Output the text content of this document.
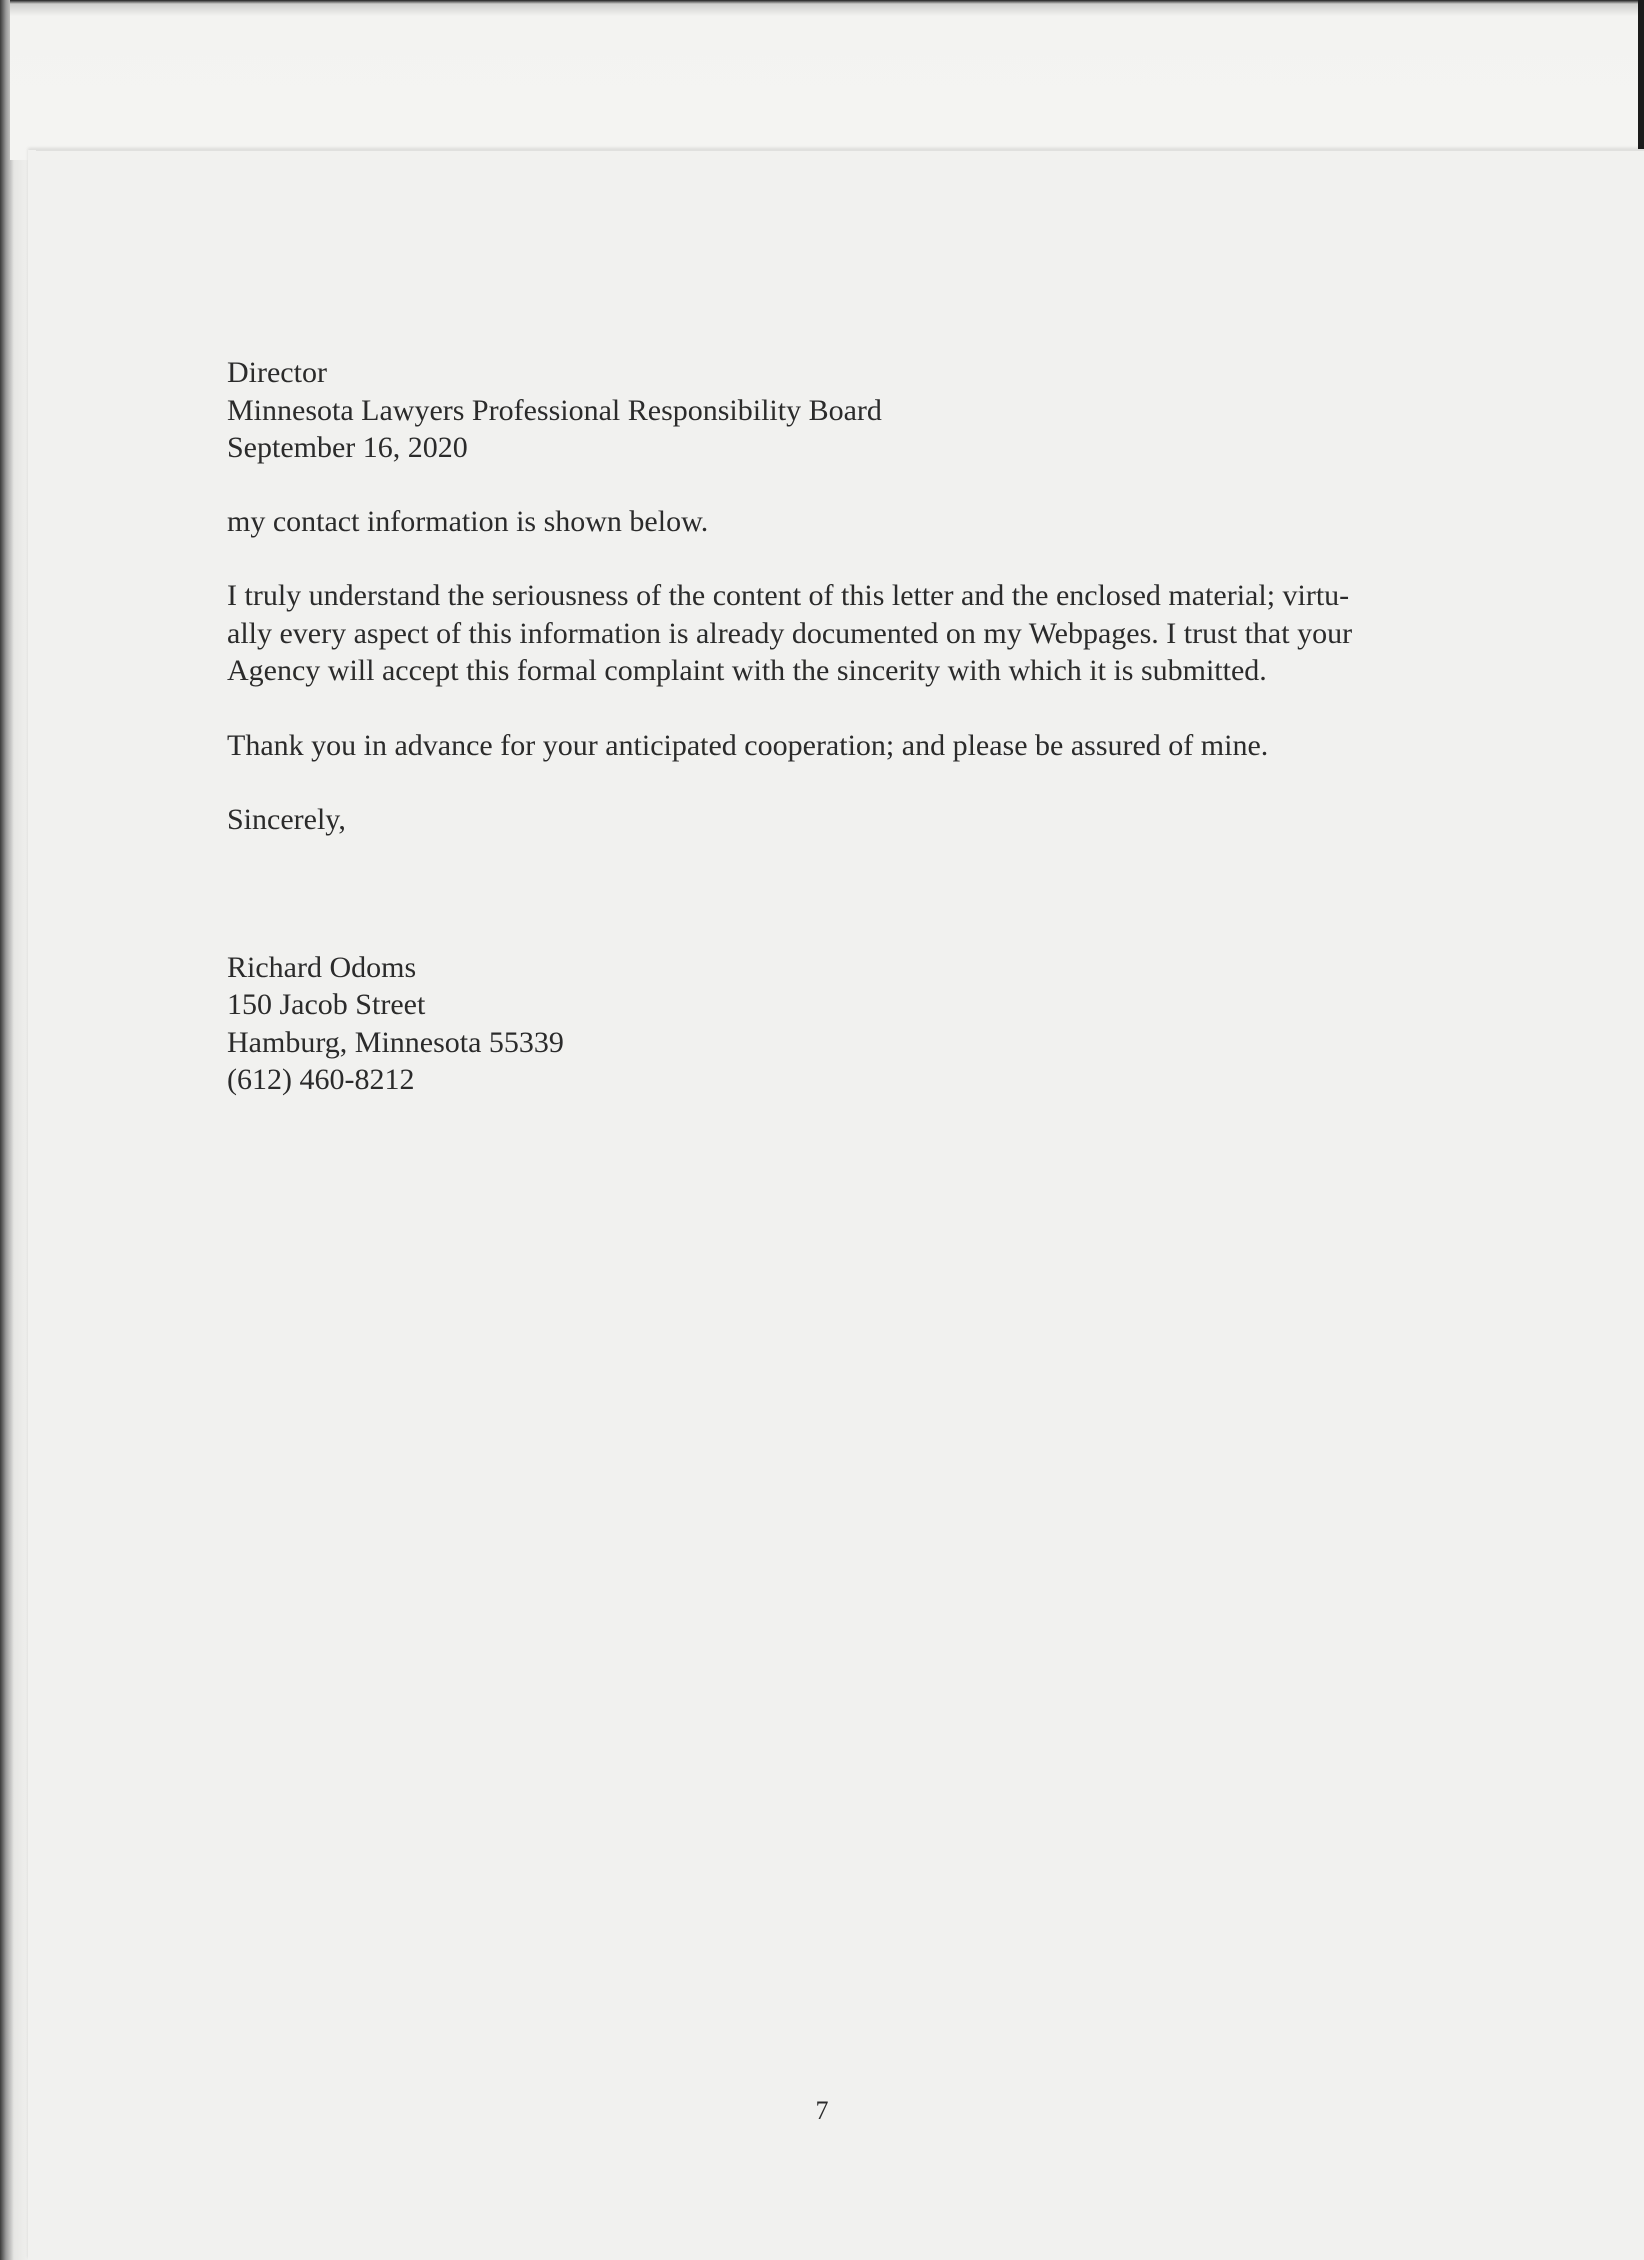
Director

Minnesota Lawyers Professional Responsibility Board

September 16, 2020

my contact information is shown below.

I truly understand the seriousness of the content of this letter and the enclosed material; virtu-

ally every aspect of this information is already documented on my Webpages. I trust that your

Agency will accept this formal complaint with the sincerity with which it is submitted.

Thank you in advance for your anticipated cooperation; and please be assured of mine.

Sincerely,

Richard Odoms

150 Jacob Street

Hamburg, Minnesota 55339

(612) 460-8212

7
